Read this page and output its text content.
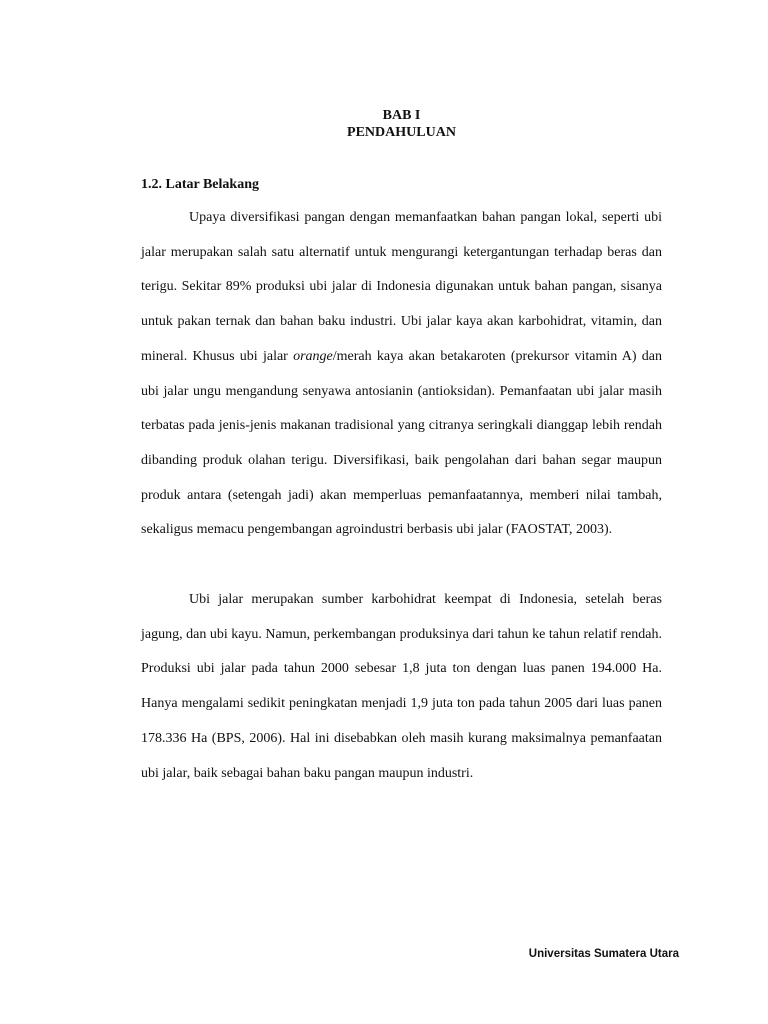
BAB I
PENDAHULUAN
1.2. Latar Belakang

Upaya diversifikasi pangan dengan memanfaatkan bahan pangan lokal, seperti ubi jalar merupakan salah satu alternatif untuk mengurangi ketergantungan terhadap beras dan terigu. Sekitar 89% produksi ubi jalar di Indonesia digunakan untuk bahan pangan, sisanya untuk pakan ternak dan bahan baku industri. Ubi jalar kaya akan karbohidrat, vitamin, dan mineral. Khusus ubi jalar orange/merah kaya akan betakaroten (prekursor vitamin A) dan ubi jalar ungu mengandung senyawa antosianin (antioksidan). Pemanfaatan ubi jalar masih terbatas pada jenis-jenis makanan tradisional yang citranya seringkali dianggap lebih rendah dibanding produk olahan terigu. Diversifikasi, baik pengolahan dari bahan segar maupun produk antara (setengah jadi) akan memperluas pemanfaatannya, memberi nilai tambah, sekaligus memacu pengembangan agroindustri berbasis ubi jalar (FAOSTAT, 2003).

Ubi jalar merupakan sumber karbohidrat keempat di Indonesia, setelah beras jagung, dan ubi kayu. Namun, perkembangan produksinya dari tahun ke tahun relatif rendah. Produksi ubi jalar pada tahun 2000 sebesar 1,8 juta ton dengan luas panen 194.000 Ha. Hanya mengalami sedikit peningkatan menjadi 1,9 juta ton pada tahun 2005 dari luas panen 178.336 Ha (BPS, 2006). Hal ini disebabkan oleh masih kurang maksimalnya pemanfaatan ubi jalar, baik sebagai bahan baku pangan maupun industri.

Universitas Sumatera Utara
